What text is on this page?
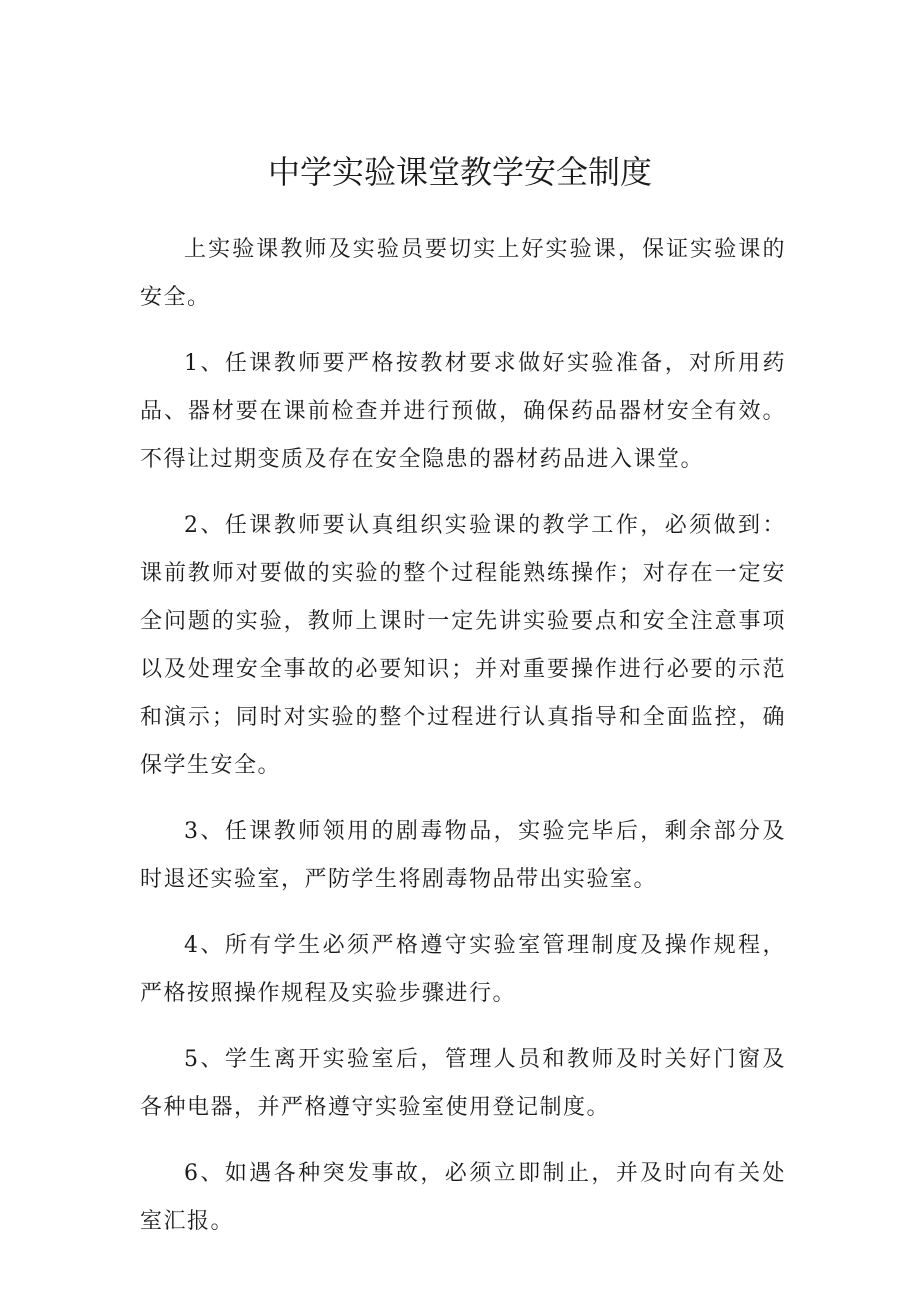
中学实验课堂教学安全制度

上实验课教师及实验员要切实上好实验课，保证实验课的安全。

1、任课教师要严格按教材要求做好实验准备，对所用药品、器材要在课前检查并进行预做，确保药品器材安全有效。不得让过期变质及存在安全隐患的器材药品进入课堂。

2、任课教师要认真组织实验课的教学工作，必须做到：课前教师对要做的实验的整个过程能熟练操作；对存在一定安全问题的实验，教师上课时一定先讲实验要点和安全注意事项以及处理安全事故的必要知识；并对重要操作进行必要的示范和演示；同时对实验的整个过程进行认真指导和全面监控，确保学生安全。

3、任课教师领用的剧毒物品，实验完毕后，剩余部分及时退还实验室，严防学生将剧毒物品带出实验室。

4、所有学生必须严格遵守实验室管理制度及操作规程，严格按照操作规程及实验步骤进行。

5、学生离开实验室后，管理人员和教师及时关好门窗及各种电器，并严格遵守实验室使用登记制度。

6、如遇各种突发事故，必须立即制止，并及时向有关处室汇报。
